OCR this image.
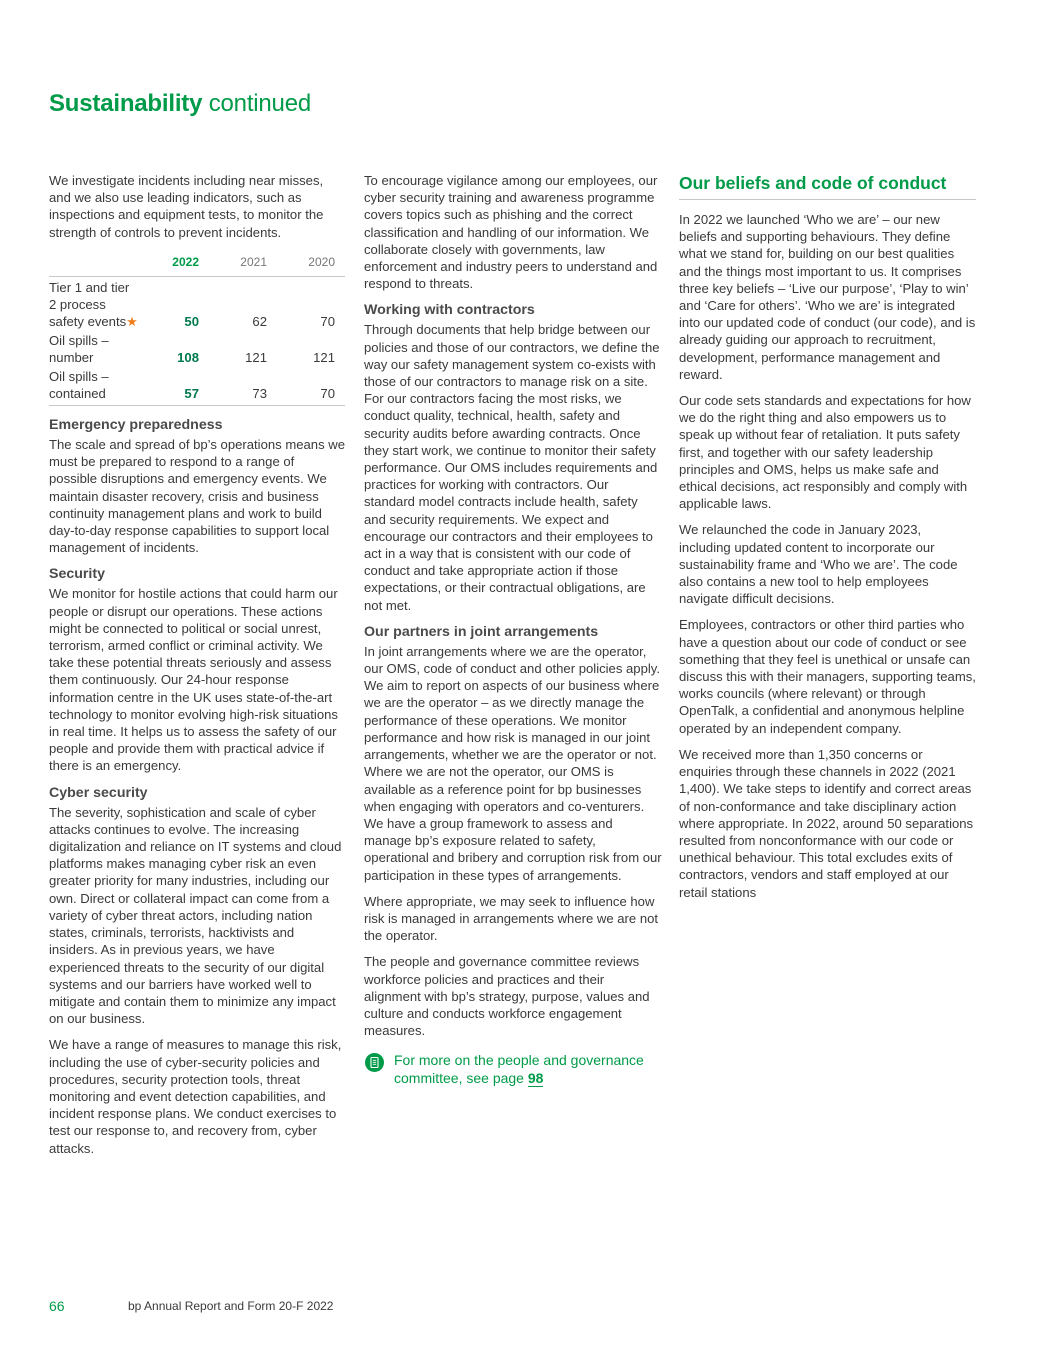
Sustainability continued

We investigate incidents including near misses, and we also use leading indicators, such as inspections and equipment tests, to monitor the strength of controls to prevent incidents.

	2022	2021	2020
Tier 1 and tier
2 process
safety events★	50	62	70
Oil spills –
number	108	121	121
Oil spills –
contained	57	73	70
Emergency preparedness

The scale and spread of bp’s operations means we must be prepared to respond to a range of possible disruptions and emergency events. We maintain disaster recovery, crisis and business continuity management plans and work to build day-to-day response capabilities to support local management of incidents.

Security

We monitor for hostile actions that could harm our people or disrupt our operations. These actions might be connected to political or social unrest, terrorism, armed conflict or criminal activity. We take these potential threats seriously and assess them continuously. Our 24-hour response information centre in the UK uses state-of-the-art technology to monitor evolving high-risk situations in real time. It helps us to assess the safety of our people and provide them with practical advice if there is an emergency.

Cyber security

The severity, sophistication and scale of cyber attacks continues to evolve. The increasing digitalization and reliance on IT systems and cloud platforms makes managing cyber risk an even greater priority for many industries, including our own. Direct or collateral impact can come from a variety of cyber threat actors, including nation states, criminals, terrorists, hacktivists and insiders. As in previous years, we have experienced threats to the security of our digital systems and our barriers have worked well to mitigate and contain them to minimize any impact on our business.

We have a range of measures to manage this risk, including the use of cyber-security policies and procedures, security protection tools, threat monitoring and event detection capabilities, and incident response plans. We conduct exercises to test our response to, and recovery from, cyber attacks.

To encourage vigilance among our employees, our cyber security training and awareness programme covers topics such as phishing and the correct classification and handling of our information. We collaborate closely with governments, law enforcement and industry peers to understand and respond to threats.

Working with contractors

Through documents that help bridge between our policies and those of our contractors, we define the way our safety management system co-exists with those of our contractors to manage risk on a site. For our contractors facing the most risks, we conduct quality, technical, health, safety and security audits before awarding contracts. Once they start work, we continue to monitor their safety performance. Our OMS includes requirements and practices for working with contractors. Our standard model contracts include health, safety and security requirements. We expect and encourage our contractors and their employees to act in a way that is consistent with our code of conduct and take appropriate action if those expectations, or their contractual obligations, are not met.

Our partners in joint arrangements

In joint arrangements where we are the operator, our OMS, code of conduct and other policies apply. We aim to report on aspects of our business where we are the operator – as we directly manage the performance of these operations. We monitor performance and how risk is managed in our joint arrangements, whether we are the operator or not. Where we are not the operator, our OMS is available as a reference point for bp businesses when engaging with operators and co-venturers. We have a group framework to assess and manage bp’s exposure related to safety, operational and bribery and corruption risk from our participation in these types of arrangements.

Where appropriate, we may seek to influence how risk is managed in arrangements where we are not the operator.

The people and governance committee reviews workforce policies and practices and their alignment with bp’s strategy, purpose, values and culture and conducts workforce engagement measures.

For more on the people and governance committee, see page 98
Our beliefs and code of conduct

In 2022 we launched ‘Who we are’ – our new beliefs and supporting behaviours. They define what we stand for, building on our best qualities and the things most important to us. It comprises three key beliefs – ‘Live our purpose’, ‘Play to win’ and ‘Care for others’. ‘Who we are’ is integrated into our updated code of conduct (our code), and is already guiding our approach to recruitment, development, performance management and reward.

Our code sets standards and expectations for how we do the right thing and also empowers us to speak up without fear of retaliation. It puts safety first, and together with our safety leadership principles and OMS, helps us make safe and ethical decisions, act responsibly and comply with applicable laws.

We relaunched the code in January 2023, including updated content to incorporate our sustainability frame and ‘Who we are’. The code also contains a new tool to help employees navigate difficult decisions.

Employees, contractors or other third parties who have a question about our code of conduct or see something that they feel is unethical or unsafe can discuss this with their managers, supporting teams, works councils (where relevant) or through OpenTalk, a confidential and anonymous helpline operated by an independent company.

We received more than 1,350 concerns or enquiries through these channels in 2022 (2021 1,400). We take steps to identify and correct areas of non-conformance and take disciplinary action where appropriate. In 2022, around 50 separations resulted from nonconformance with our code or unethical behaviour. This total excludes exits of contractors, vendors and staff employed at our retail stations

66	bp Annual Report and Form 20-F 2022
